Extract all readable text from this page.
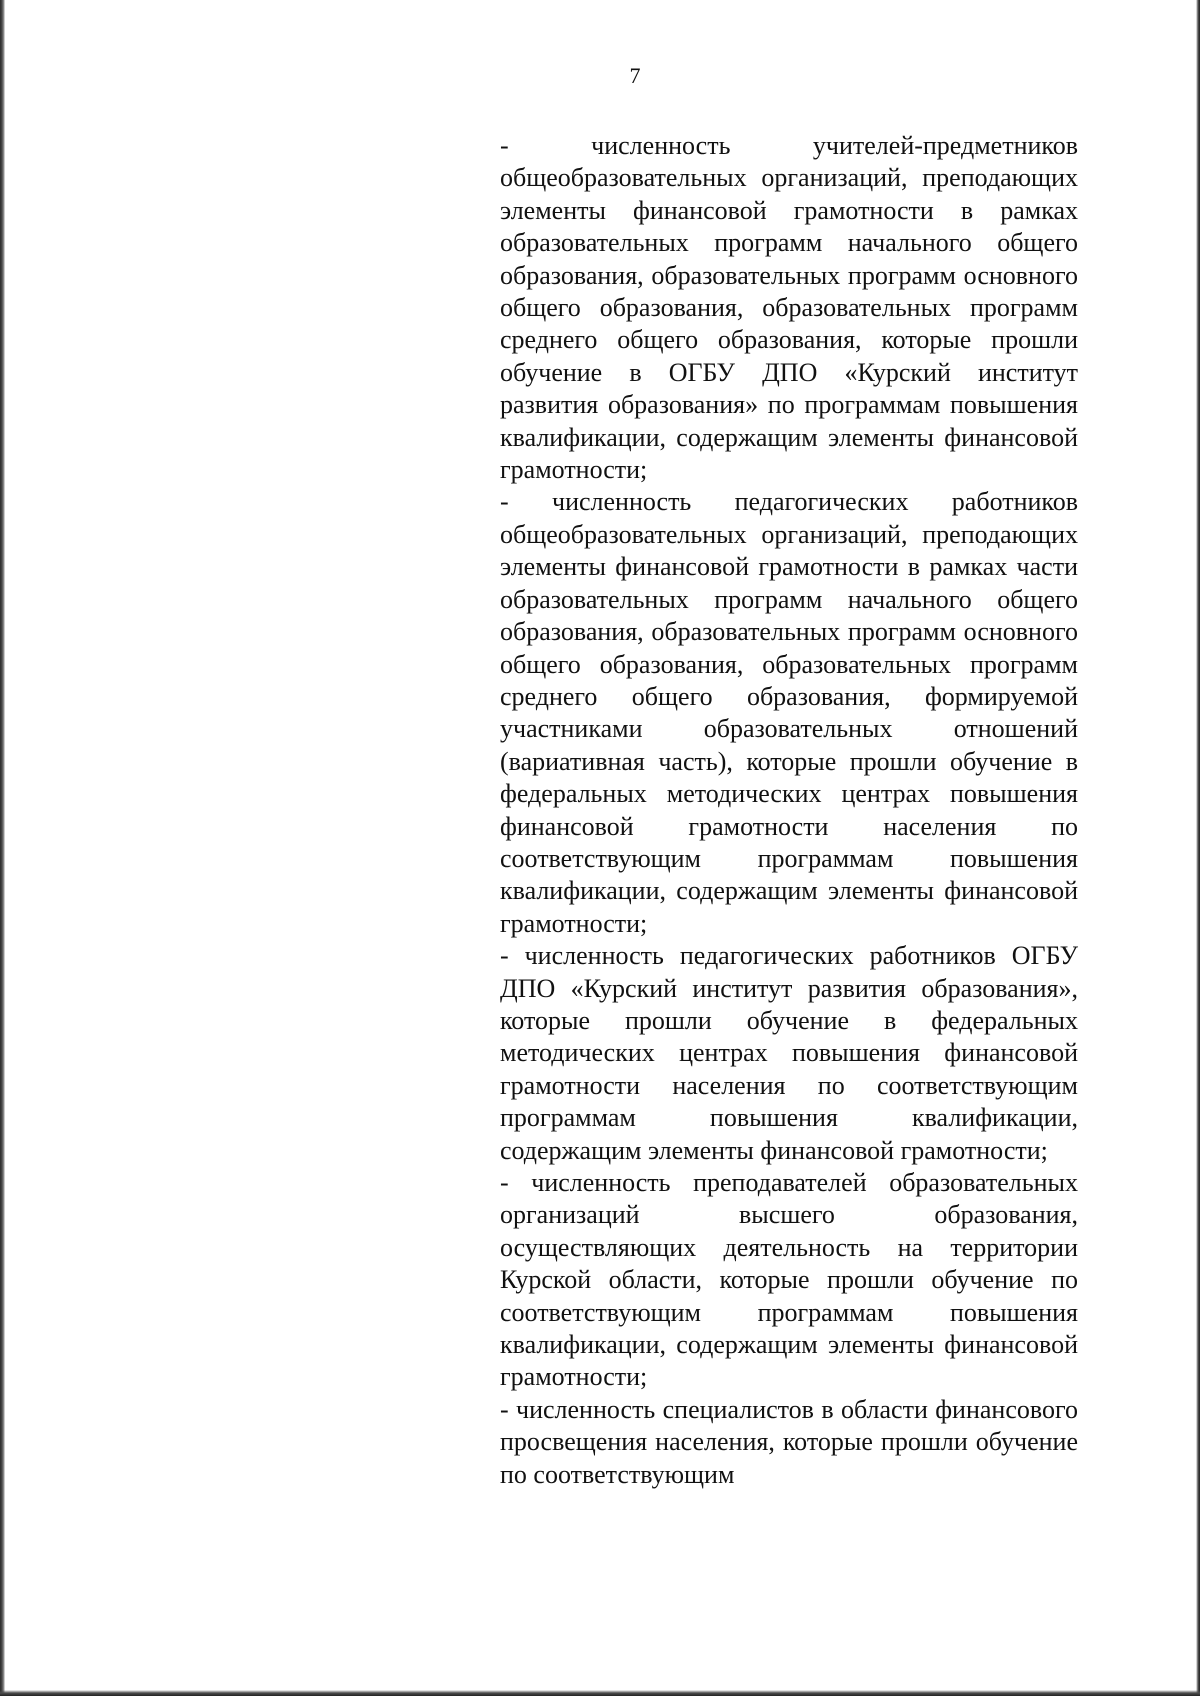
7

- численность учителей-предметников общеобразовательных организаций, преподающих элементы финансовой грамотности в рамках образовательных программ начального общего образования, образовательных программ основного общего образования, образовательных программ среднего общего образования, которые прошли обучение в ОГБУ ДПО «Курский институт развития образования» по программам повышения квалификации, содержащим элементы финансовой грамотности;

- численность педагогических работников общеобразовательных организаций, преподающих элементы финансовой грамотности в рамках части образовательных программ начального общего образования, образовательных программ основного общего образования, образовательных программ среднего общего образования, формируемой участниками образовательных отношений (вариативная часть), которые прошли обучение в федеральных методических центрах повышения финансовой грамотности населения по соответствующим программам повышения квалификации, содержащим элементы финансовой грамотности;

- численность педагогических работников ОГБУ ДПО «Курский институт развития образования», которые прошли обучение в федеральных методических центрах повышения финансовой грамотности населения по соответствующим программам повышения квалификации, содержащим элементы финансовой грамотности;

- численность преподавателей образовательных организаций высшего образования, осуществляющих деятельность на территории Курской области, которые прошли обучение по соответствующим программам повышения квалификации, содержащим элементы финансовой грамотности;

- численность специалистов в области финансового просвещения населения, которые прошли обучение по соответствующим
